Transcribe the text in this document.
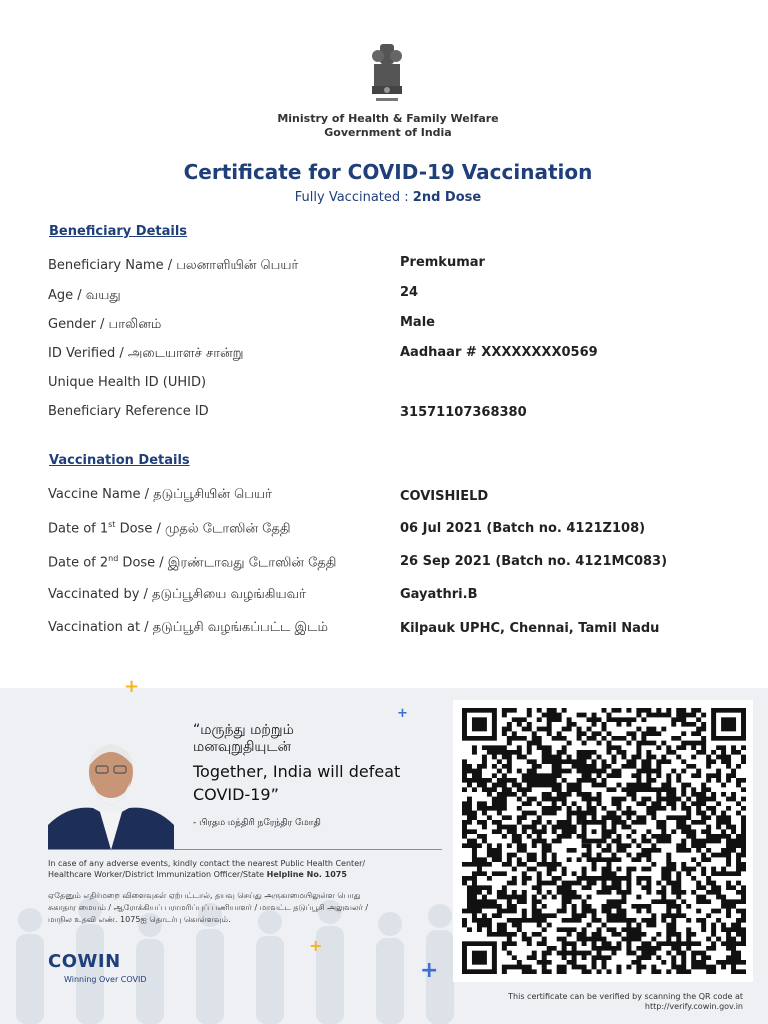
Ministry of Health & Family Welfare
Government of India
Certificate for COVID-19 Vaccination
Fully Vaccinated : 2nd Dose
Beneficiary Details
Beneficiary Name / பலனாளியின் பெயர்	Premkumar
Age / வயது	24
Gender / பாலினம்	Male
ID Verified / அடையாளச் சான்று	Aadhaar # XXXXXXXX0569
Unique Health ID (UHID)
Beneficiary Reference ID	31571107368380
Vaccination Details
Vaccine Name / தடுப்பூசியின் பெயர்	COVISHIELD
Date of 1st Dose / முதல் டோஸின் தேதி	06 Jul 2021 (Batch no. 4121Z108)
Date of 2nd Dose / இரண்டாவது டோஸின் தேதி	26 Sep 2021 (Batch no. 4121MC083)
Vaccinated by / தடுப்பூசியை வழங்கியவர்	Gayathri.B
Vaccination at / தடுப்பூசி வழங்கப்பட்ட இடம்	Kilpauk UPHC, Chennai, Tamil Nadu
+
+
+
+
“மருந்து மற்றும்
மனவுறுதியுடன்
Together, India will defeat
COVID-19”
- பிரதம மந்திரி நரேந்திர மோதி
In case of any adverse events, kindly contact the nearest Public Health Center/
Healthcare Worker/District Immunization Officer/State Helpline No. 1075
ஏதேனும் எதிர்மறை விளைவுகள் ஏற்பட்டால், தயவு செய்து அருகாமையிலுள்ள பொது
சுகாதார மையம் / ஆரோக்கியப் பராமரிப்புப் பணியாளர் / மாவட்ட தடுப்பூசி அலுவலர் /
மாநில உதவி எண். 1075ஐ தொடர்பு கொள்ளவும்.
COWIN
Winning Over COVID
This certificate can be verified by scanning the QR code at
http://verify.cowin.gov.in
